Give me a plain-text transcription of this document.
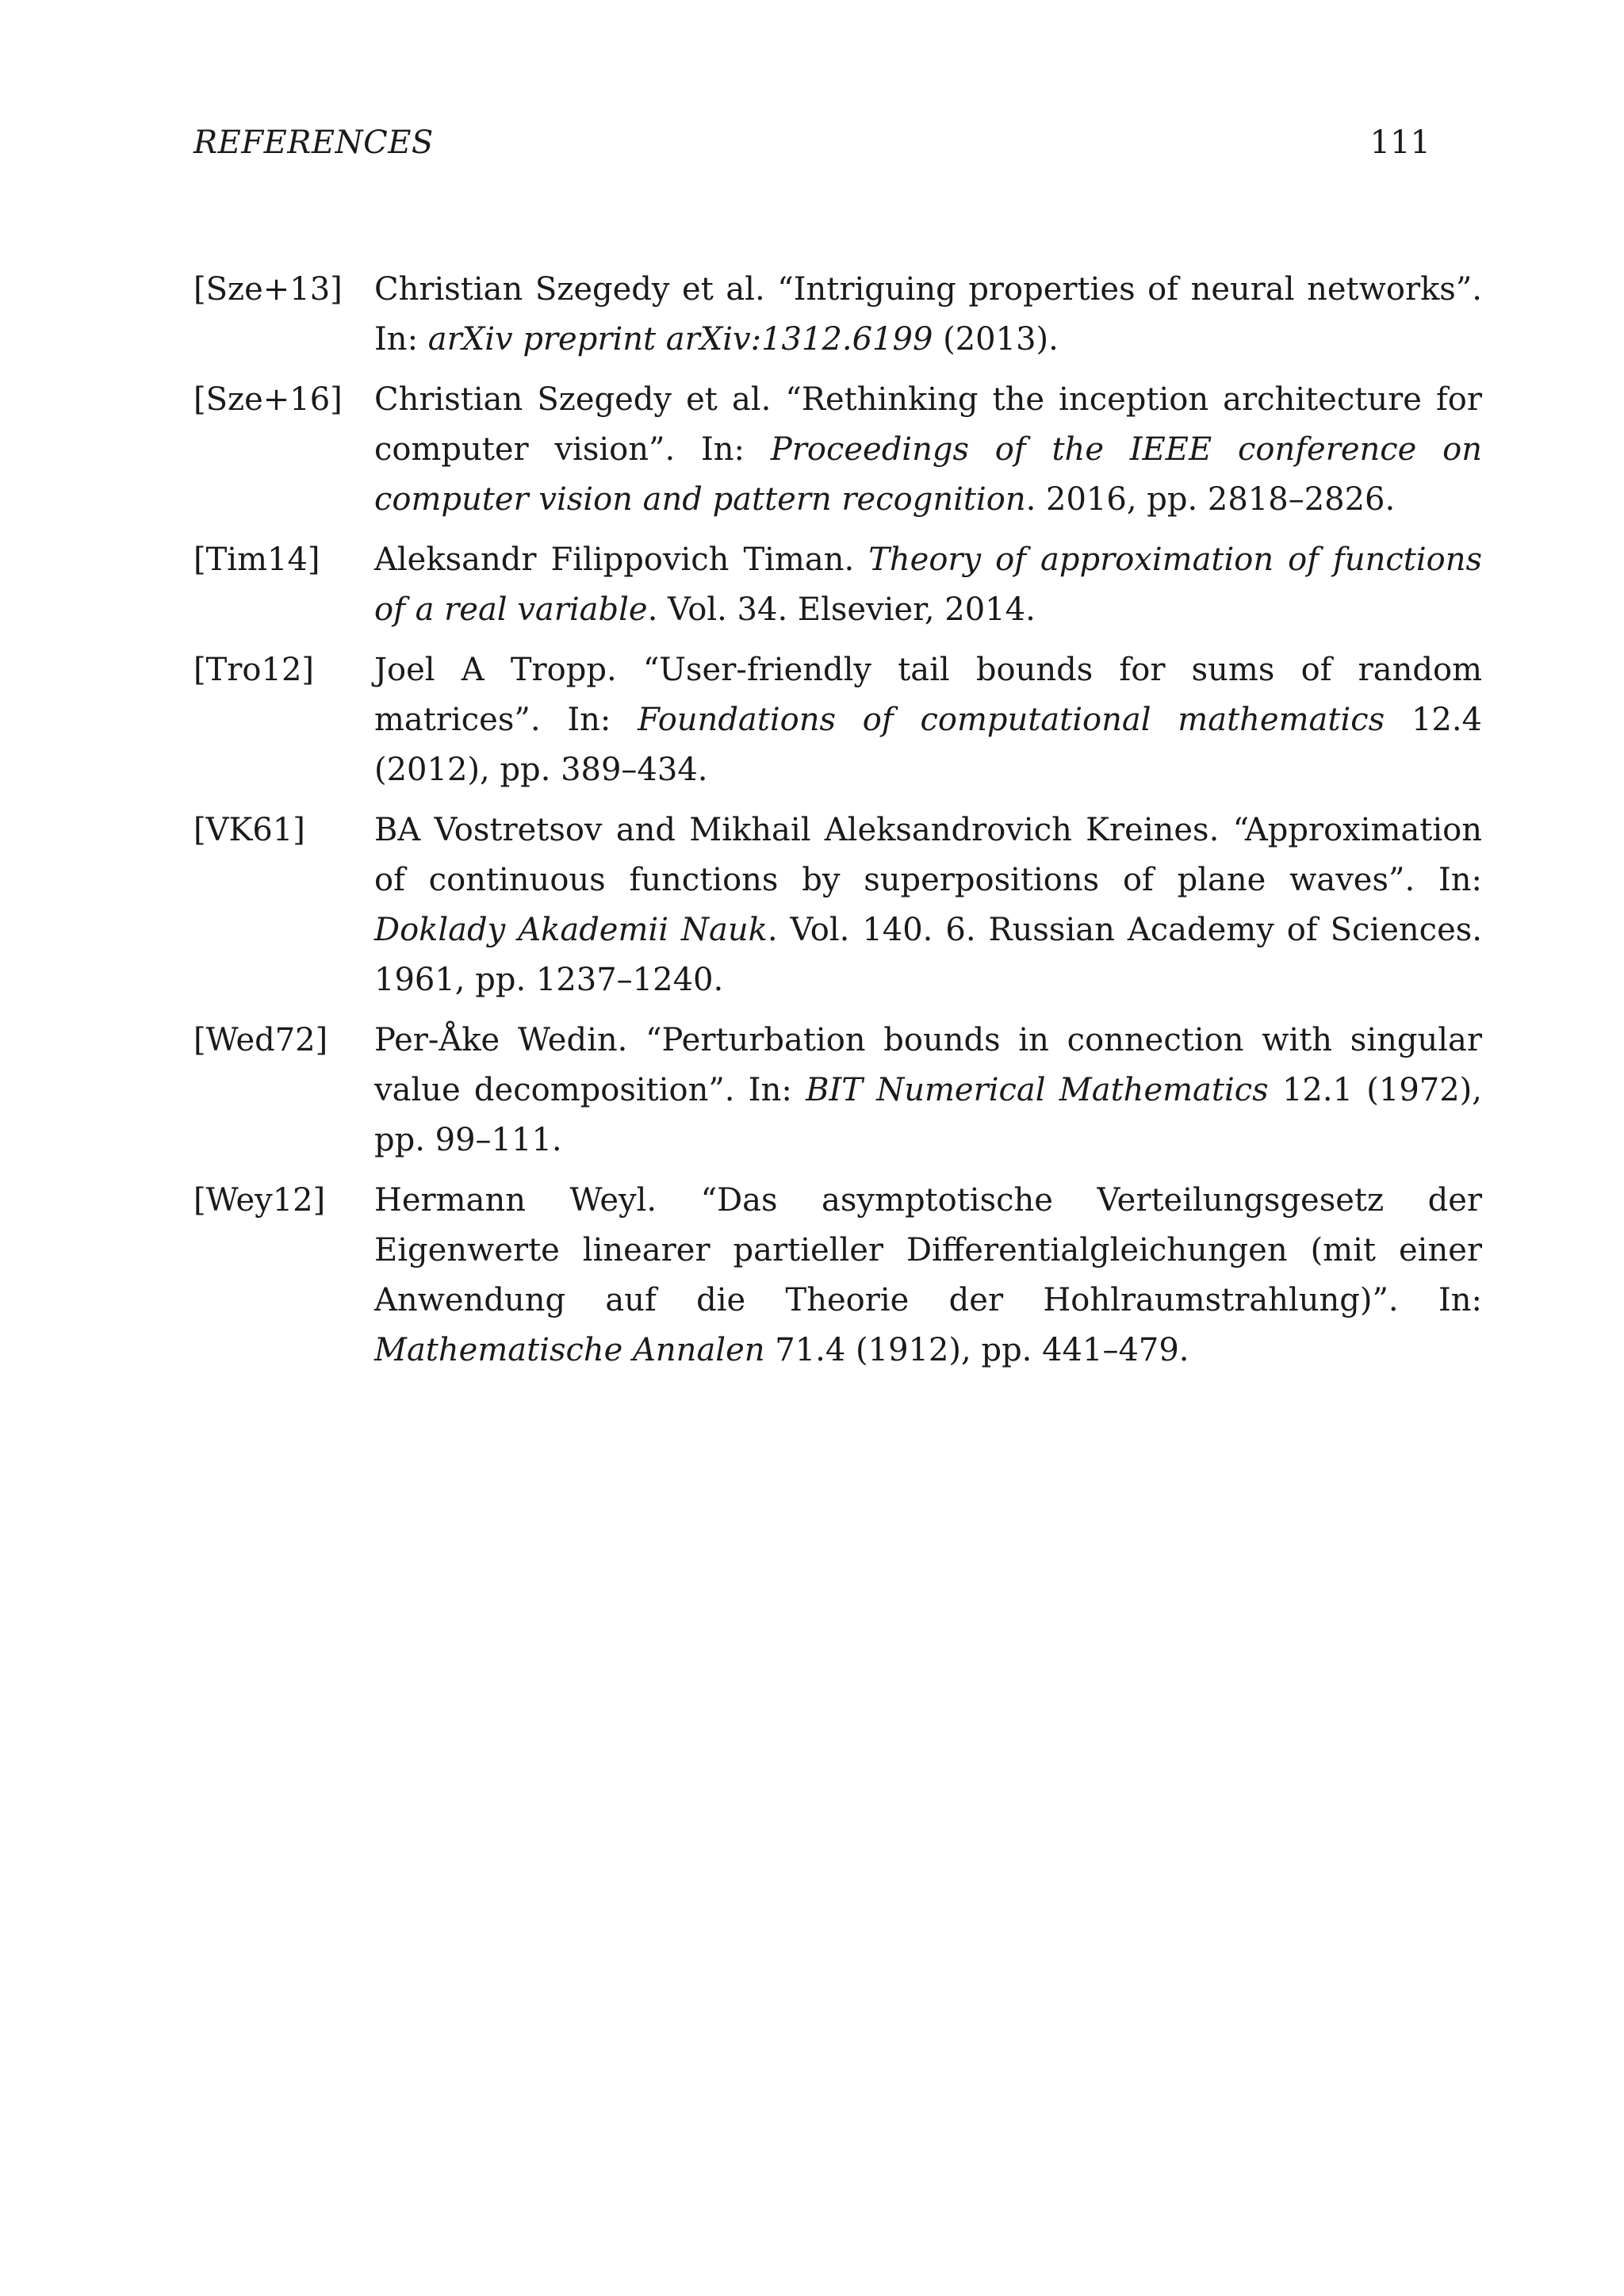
REFERENCES	111
[Sze+13]	Christian Szegedy et al. “Intriguing properties of neural networks”. In: arXiv preprint arXiv:1312.6199 (2013).
[Sze+16]	Christian Szegedy et al. “Rethinking the inception architecture for computer vision”. In: Proceedings of the IEEE conference on computer vision and pattern recognition. 2016, pp. 2818–2826.
[Tim14]	Aleksandr Filippovich Timan. Theory of approximation of functions of a real variable. Vol. 34. Elsevier, 2014.
[Tro12]	Joel A Tropp. “User-friendly tail bounds for sums of random matrices”. In: Foundations of computational mathematics 12.4 (2012), pp. 389–434.
[VK61]	BA Vostretsov and Mikhail Aleksandrovich Kreines. “Approximation of continuous functions by superpositions of plane waves”. In: Doklady Akademii Nauk. Vol. 140. 6. Russian Academy of Sciences. 1961, pp. 1237–1240.
[Wed72]	Per-Åke Wedin. “Perturbation bounds in connection with singular value decomposition”. In: BIT Numerical Mathematics 12.1 (1972), pp. 99–111.
[Wey12]	Hermann Weyl. “Das asymptotische Verteilungsgesetz der Eigenwerte linearer partieller Differentialgleichungen (mit einer Anwendung auf die Theorie der Hohlraumstrahlung)”. In: Mathematische Annalen 71.4 (1912), pp. 441–479.
